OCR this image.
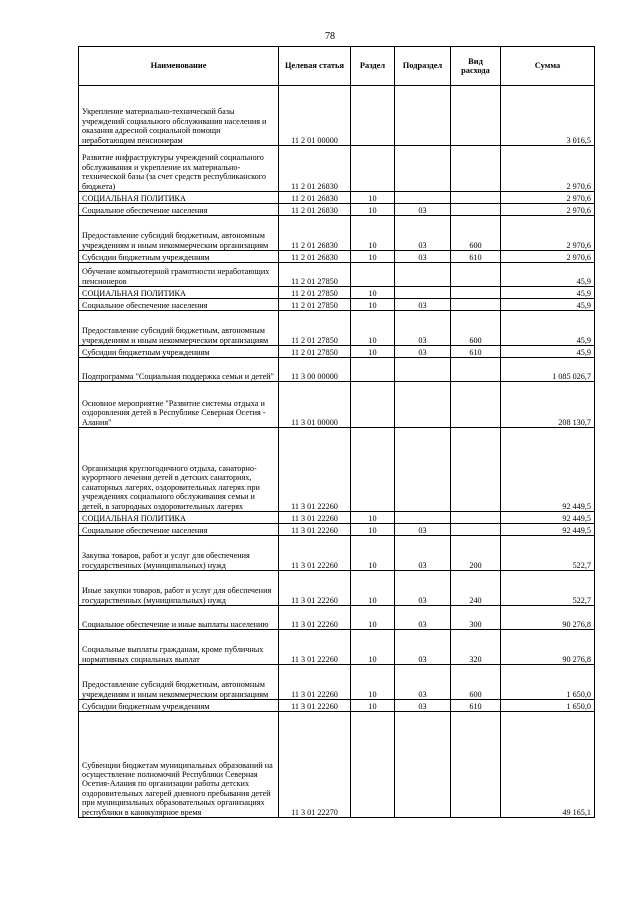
78
Наименование	Целевая статья	Раздел	Подраздел	Вид расхода	Сумма
Укрепление материально-технической базы учреждений социального обслуживания населения и оказания адресной социальной помощи неработающим пенсионерам	11 2 01 00000				3 016,5
Развитие инфраструктуры учреждений социального обслуживания и укрепление их материально-технической базы (за счет средств республиканского бюджета)	11 2 01 26830				2 970,6
СОЦИАЛЬНАЯ ПОЛИТИКА	11 2 01 26830	10			2 970,6
Социальное обеспечение населения	11 2 01 26830	10	03		2 970,6
Предоставление субсидий бюджетным, автономным учреждениям и иным некоммерческим организациям	11 2 01 26830	10	03	600	2 970,6
Субсидии бюджетным учреждениям	11 2 01 26830	10	03	610	2 970,6
Обучение компьютерной грамотности неработающих пенсионеров	11 2 01 27850				45,9
СОЦИАЛЬНАЯ ПОЛИТИКА	11 2 01 27850	10			45,9
Социальное обеспечение населения	11 2 01 27850	10	03		45,9
Предоставление субсидий бюджетным, автономным учреждениям и иным некоммерческим организациям	11 2 01 27850	10	03	600	45,9
Субсидии бюджетным учреждениям	11 2 01 27850	10	03	610	45,9
Подпрограмма "Социальная поддержка семьи и детей"	11 3 00 00000				1 085 026,7
Основное мероприятие "Развитие системы отдыха и оздоровления детей в Республике Северная Осетия - Алания"	11 3 01 00000				208 130,7
Организация круглогодичного отдыха, санаторно-курортного лечения детей в детских санаториях, санаторных лагерях, оздоровительных лагерях при учреждениях социального обслуживания семьи и детей, в загородных оздоровительных лагерях	11 3 01 22260				92 449,5
СОЦИАЛЬНАЯ ПОЛИТИКА	11 3 01 22260	10			92 449,5
Социальное обеспечение населения	11 3 01 22260	10	03		92 449,5
Закупка товаров, работ и услуг для обеспечения государственных (муниципальных) нужд	11 3 01 22260	10	03	200	522,7
Иные закупки товаров, работ и услуг для обеспечения государственных (муниципальных) нужд	11 3 01 22260	10	03	240	522,7
Социальное обеспечение и иные выплаты населению	11 3 01 22260	10	03	300	90 276,8
Социальные выплаты гражданам, кроме публичных нормативных социальных выплат	11 3 01 22260	10	03	320	90 276,8
Предоставление субсидий бюджетным, автономным учреждениям и иным некоммерческим организациям	11 3 01 22260	10	03	600	1 650,0
Субсидии бюджетным учреждениям	11 3 01 22260	10	03	610	1 650,0
Субвенции бюджетам муниципальных образований на осуществление полномочий Республики Северная Осетия-Алания по организации работы детских оздоровительных лагерей дневного пребывания детей при муниципальных образовательных организациях республики в каникулярное время	11 3 01 22270				49 165,1
